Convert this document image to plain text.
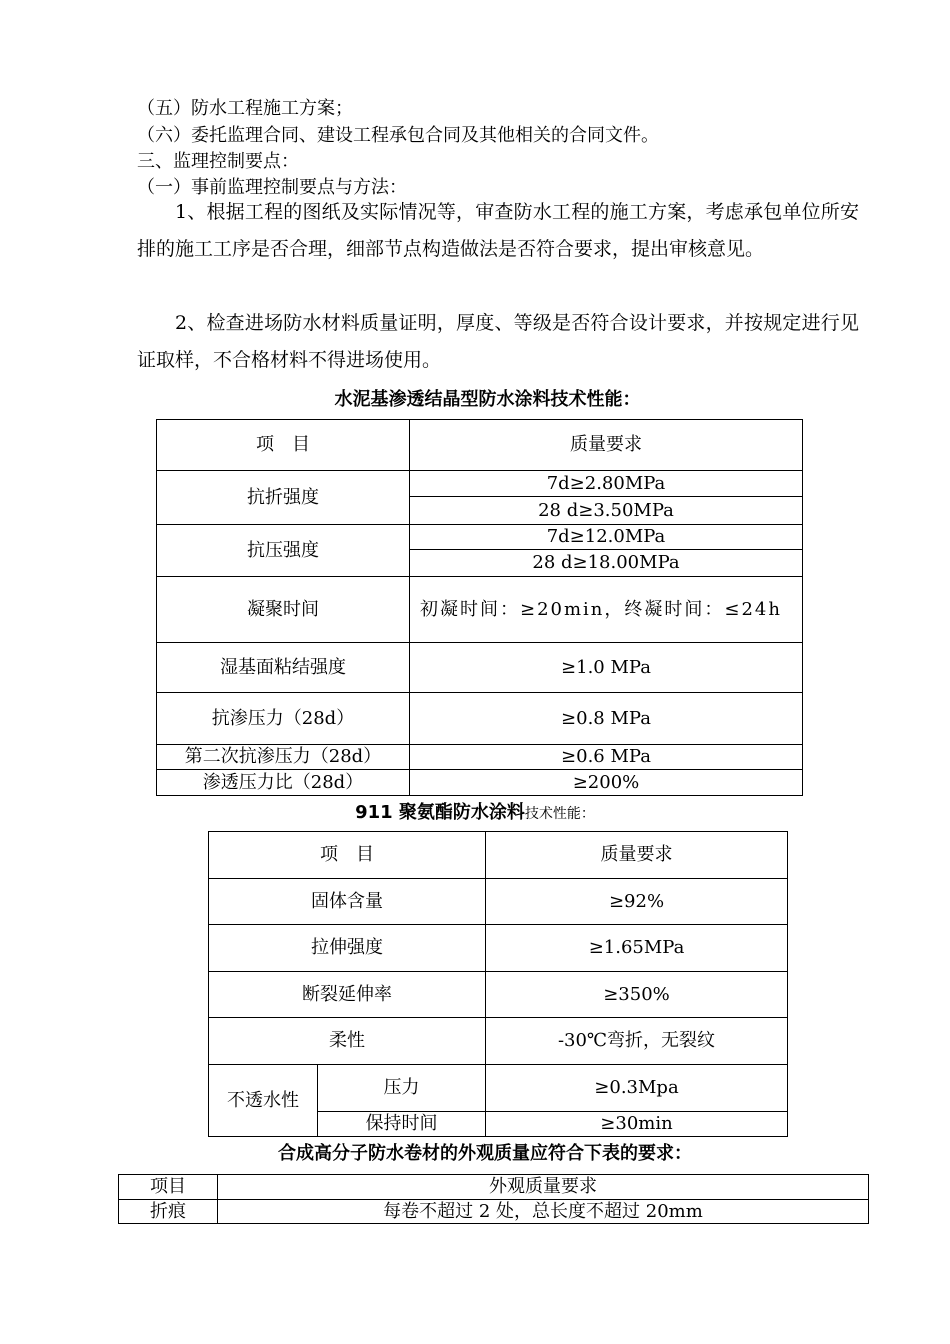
（五）防水工程施工方案；
（六）委托监理合同、建设工程承包合同及其他相关的合同文件。
三、监理控制要点：
（一）事前监理控制要点与方法：
1、根据工程的图纸及实际情况等，审查防水工程的施工方案，考虑承包单位所安排的施工工序是否合理，细部节点构造做法是否符合要求，提出审核意见。
2、检查进场防水材料质量证明，厚度、等级是否符合设计要求，并按规定进行见证取样，不合格材料不得进场使用。
水泥基渗透结晶型防水涂料技术性能：
项　目	质量要求
抗折强度	7d≥2.80MPa
	28 d≥3.50MPa
抗压强度	7d≥12.0MPa
	28 d≥18.00MPa
凝聚时间	初凝时间：≥20min，终凝时间：≤24h
湿基面粘结强度	≥1.0 MPa
抗渗压力（28d）	≥0.8 MPa
第二次抗渗压力（28d）	≥0.6 MPa
渗透压力比（28d）	≥200%
911 聚氨酯防水涂料技术性能：
项　目		质量要求
固体含量		≥92%
拉伸强度		≥1.65MPa
断裂延伸率		≥350%
柔性		-30℃弯折，无裂纹
不透水性	压力	≥0.3Mpa
	保持时间	≥30min
合成高分子防水卷材的外观质量应符合下表的要求：
项目	外观质量要求
折痕	每卷不超过 2 处，总长度不超过 20mm
